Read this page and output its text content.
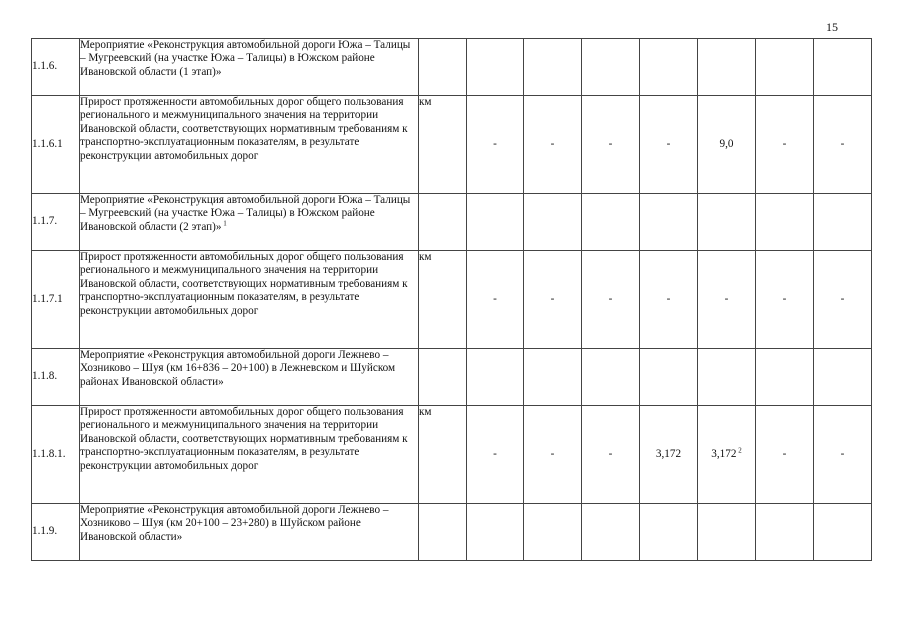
15
1.1.6.	Мероприятие «Реконструкция автомобильной дороги Южа – Талицы – Мугреевский (на участке Южа – Талицы) в Южском районе Ивановской области (1 этап)»								
1.1.6.1	Прирост протяженности автомобильных дорог общего пользования регионального и межмуниципального значения на территории Ивановской области, соответствующих нормативным требованиям к транспортно-эксплуатационным показателям, в результате реконструкции автомобильных дорог	км	-	-	-	-	9,0	-	-
1.1.7.	Мероприятие «Реконструкция автомобильной дороги Южа – Талицы – Мугреевский (на участке Южа – Талицы) в Южском районе Ивановской области (2 этап)» $^1$								
1.1.7.1	Прирост протяженности автомобильных дорог общего пользования регионального и межмуниципального значения на территории Ивановской области, соответствующих нормативным требованиям к транспортно-эксплуатационным показателям, в результате реконструкции автомобильных дорог	км	-	-	-	-	-	-	-
1.1.8.	Мероприятие «Реконструкция автомобильной дороги Лежнево – Хозниково – Шуя (км 16+836 – 20+100) в Лежневском и Шуйском районах Ивановской области»								
1.1.8.1.	Прирост протяженности автомобильных дорог общего пользования регионального и межмуниципального значения на территории Ивановской области, соответствующих нормативным требованиям к транспортно-эксплуатационным показателям, в результате реконструкции автомобильных дорог	км	-	-	-	3,172	3,172 $^2$	-	-
1.1.9.	Мероприятие «Реконструкция автомобильной дороги Лежнево – Хозниково – Шуя (км 20+100 – 23+280) в Шуйском районе Ивановской области»								
